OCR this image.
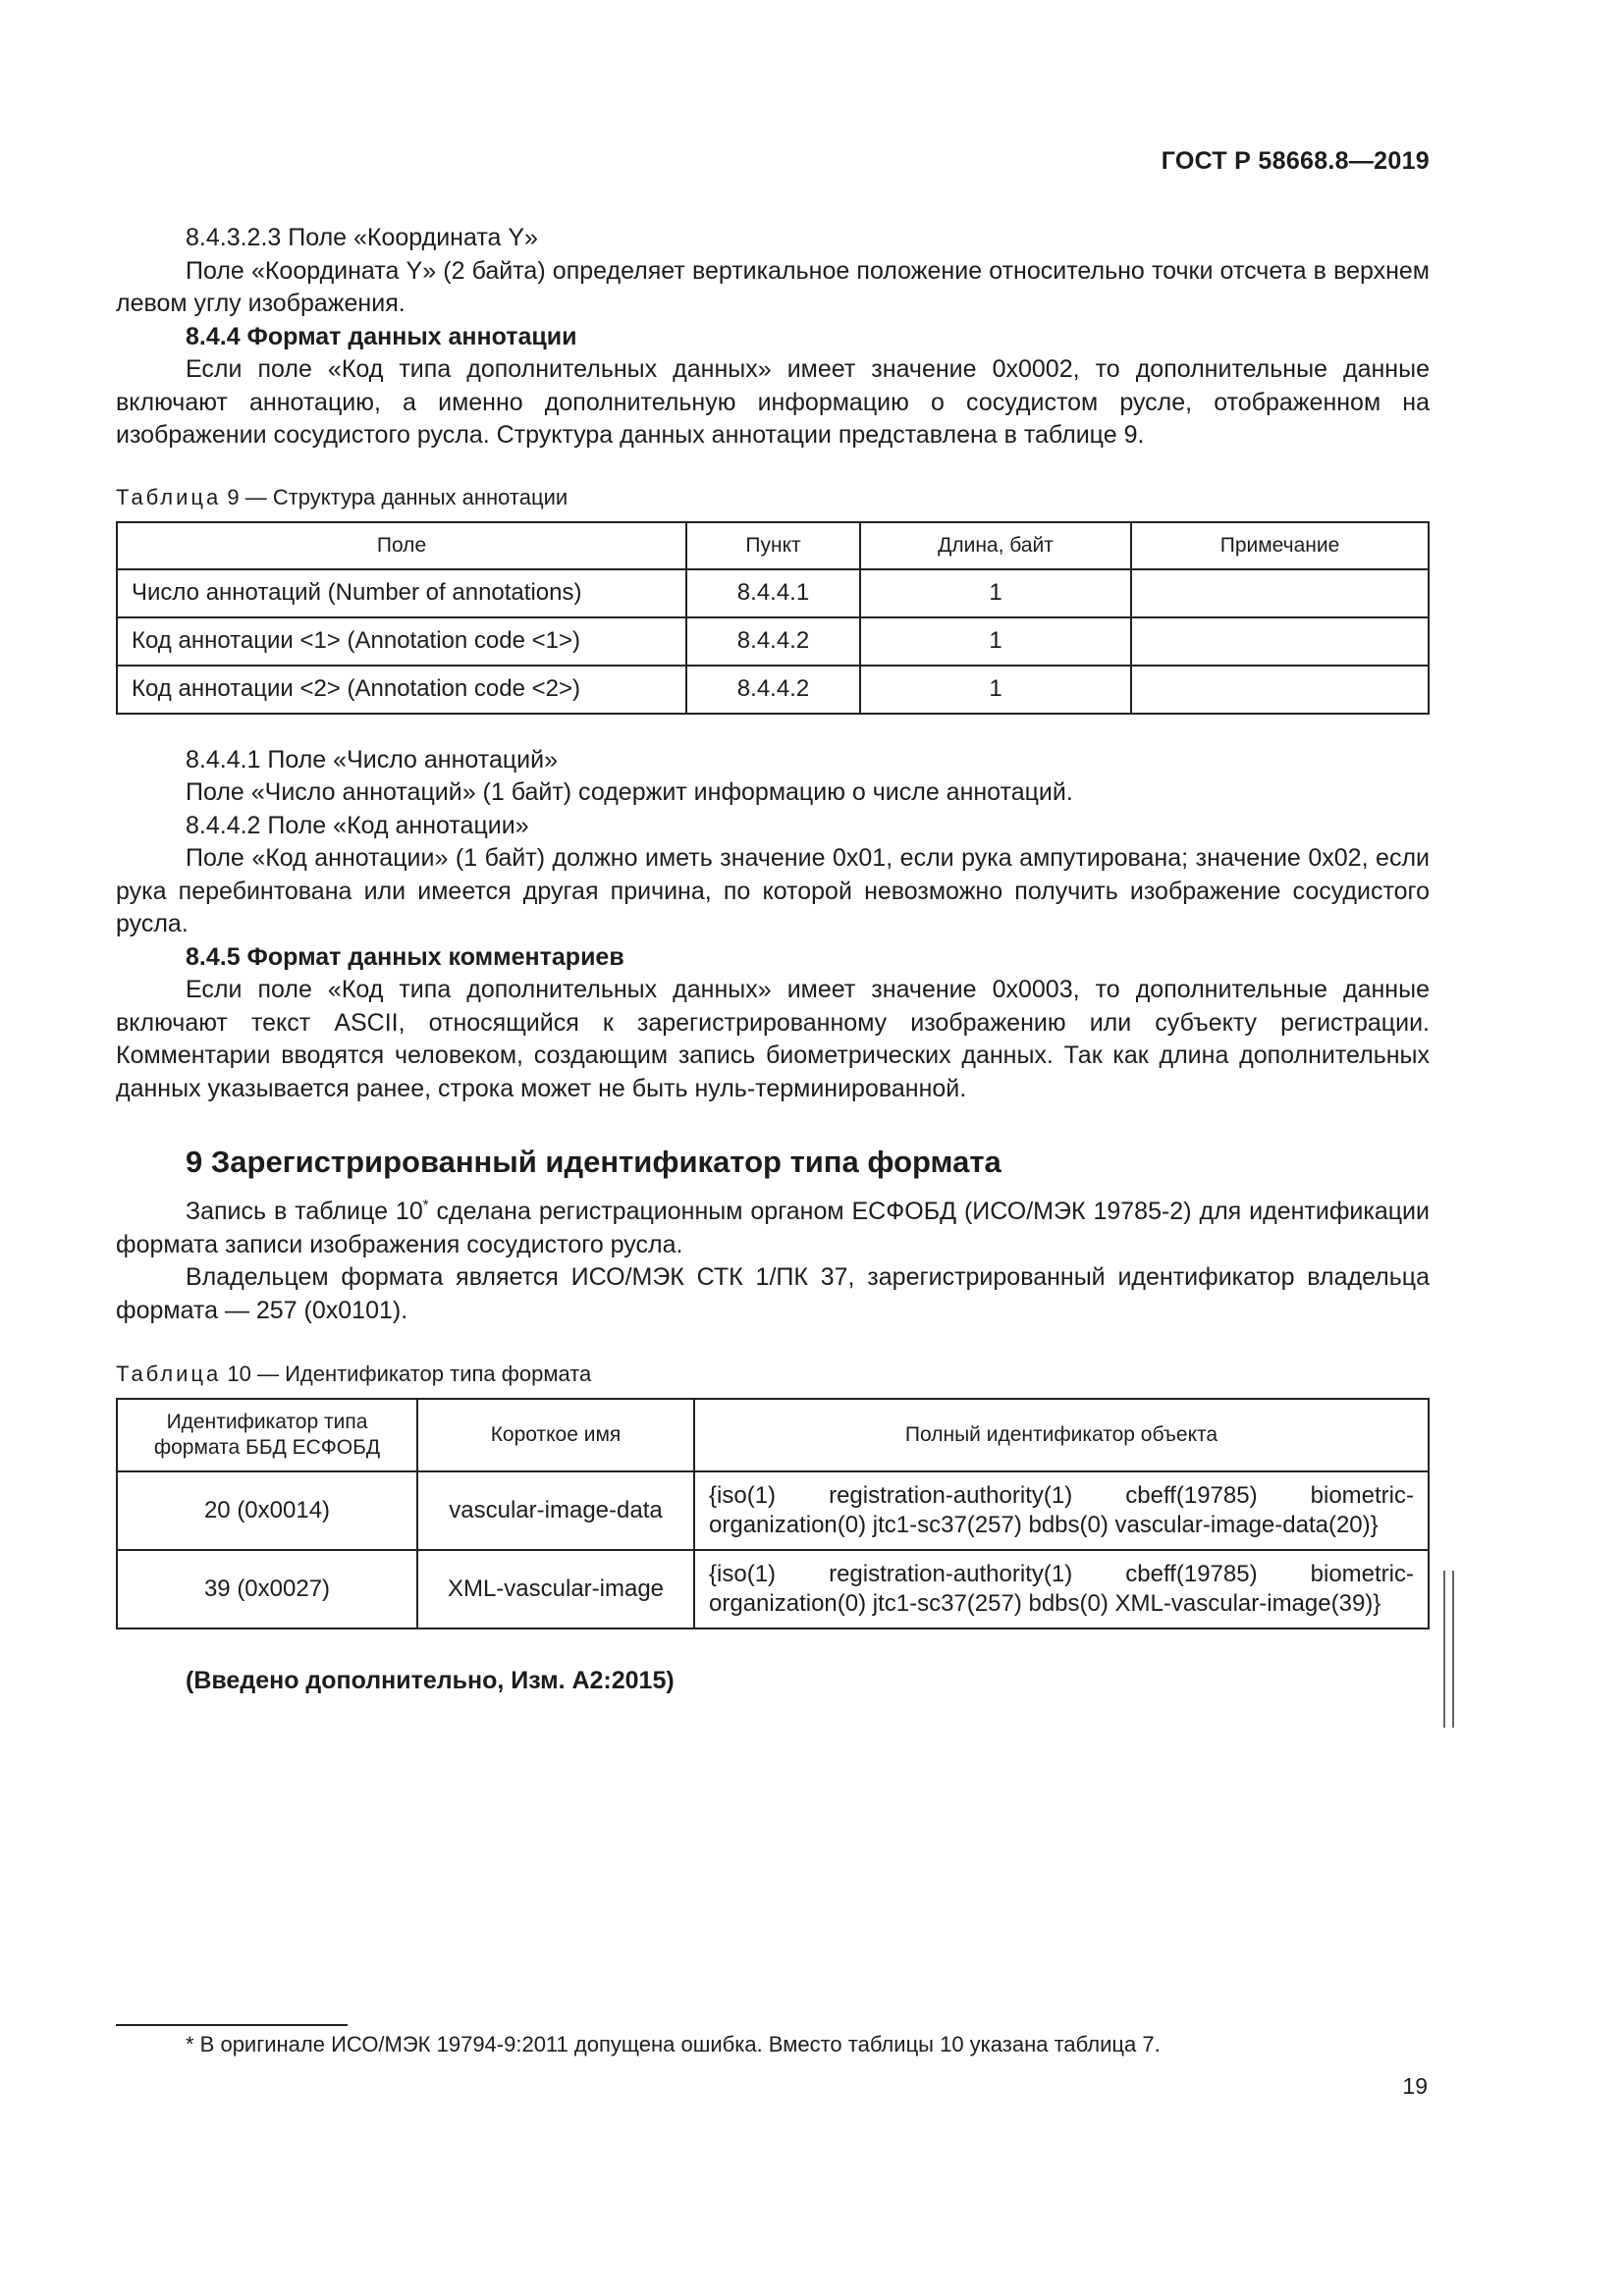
ГОСТ Р 58668.8—2019

8.4.3.2.3 Поле «Координата Y»

Поле «Координата Y» (2 байта) определяет вертикальное положение относительно точки отсчета в верхнем левом углу изображения.

8.4.4 Формат данных аннотации

Если поле «Код типа дополнительных данных» имеет значение 0x0002, то дополнительные данные включают аннотацию, а именно дополнительную информацию о сосудистом русле, отображенном на изображении сосудистого русла. Структура данных аннотации представлена в таблице 9.

Таблица 9 — Структура данных аннотации
Поле	Пункт	Длина, байт	Примечание
Число аннотаций (Number of annotations)	8.4.4.1	1	
Код аннотации <1> (Annotation code <1>)	8.4.4.2	1	
Код аннотации <2> (Annotation code <2>)	8.4.4.2	1	

8.4.4.1 Поле «Число аннотаций»

Поле «Число аннотаций» (1 байт) содержит информацию о числе аннотаций.

8.4.4.2 Поле «Код аннотации»

Поле «Код аннотации» (1 байт) должно иметь значение 0x01, если рука ампутирована; значение 0x02, если рука перебинтована или имеется другая причина, по которой невозможно получить изображение сосудистого русла.

8.4.5 Формат данных комментариев

Если поле «Код типа дополнительных данных» имеет значение 0x0003, то дополнительные данные включают текст ASCII, относящийся к зарегистрированному изображению или субъекту регистрации. Комментарии вводятся человеком, создающим запись биометрических данных. Так как длина дополнительных данных указывается ранее, строка может не быть нуль-терминированной.

9 Зарегистрированный идентификатор типа формата

Запись в таблице 10* сделана регистрационным органом ЕСФОБД (ИСО/МЭК 19785-2) для идентификации формата записи изображения сосудистого русла.

Владельцем формата является ИСО/МЭК СТК 1/ПК 37, зарегистрированный идентификатор владельца формата — 257 (0x0101).

Таблица 10 — Идентификатор типа формата
Идентификатор типа формата ББД ЕСФОБД	Короткое имя	Полный идентификатор объекта
20 (0x0014)	vascular-image-data	{iso(1) registration-authority(1) cbeff(19785) biometric-organization(0) jtc1-sc37(257) bdbs(0) vascular-image-data(20)}
39 (0x0027)	XML-vascular-image	{iso(1) registration-authority(1) cbeff(19785) biometric-organization(0) jtc1-sc37(257) bdbs(0) XML-vascular-image(39)}

(Введено дополнительно, Изм. А2:2015)

* В оригинале ИСО/МЭК 19794-9:2011 допущена ошибка. Вместо таблицы 10 указана таблица 7.
19
